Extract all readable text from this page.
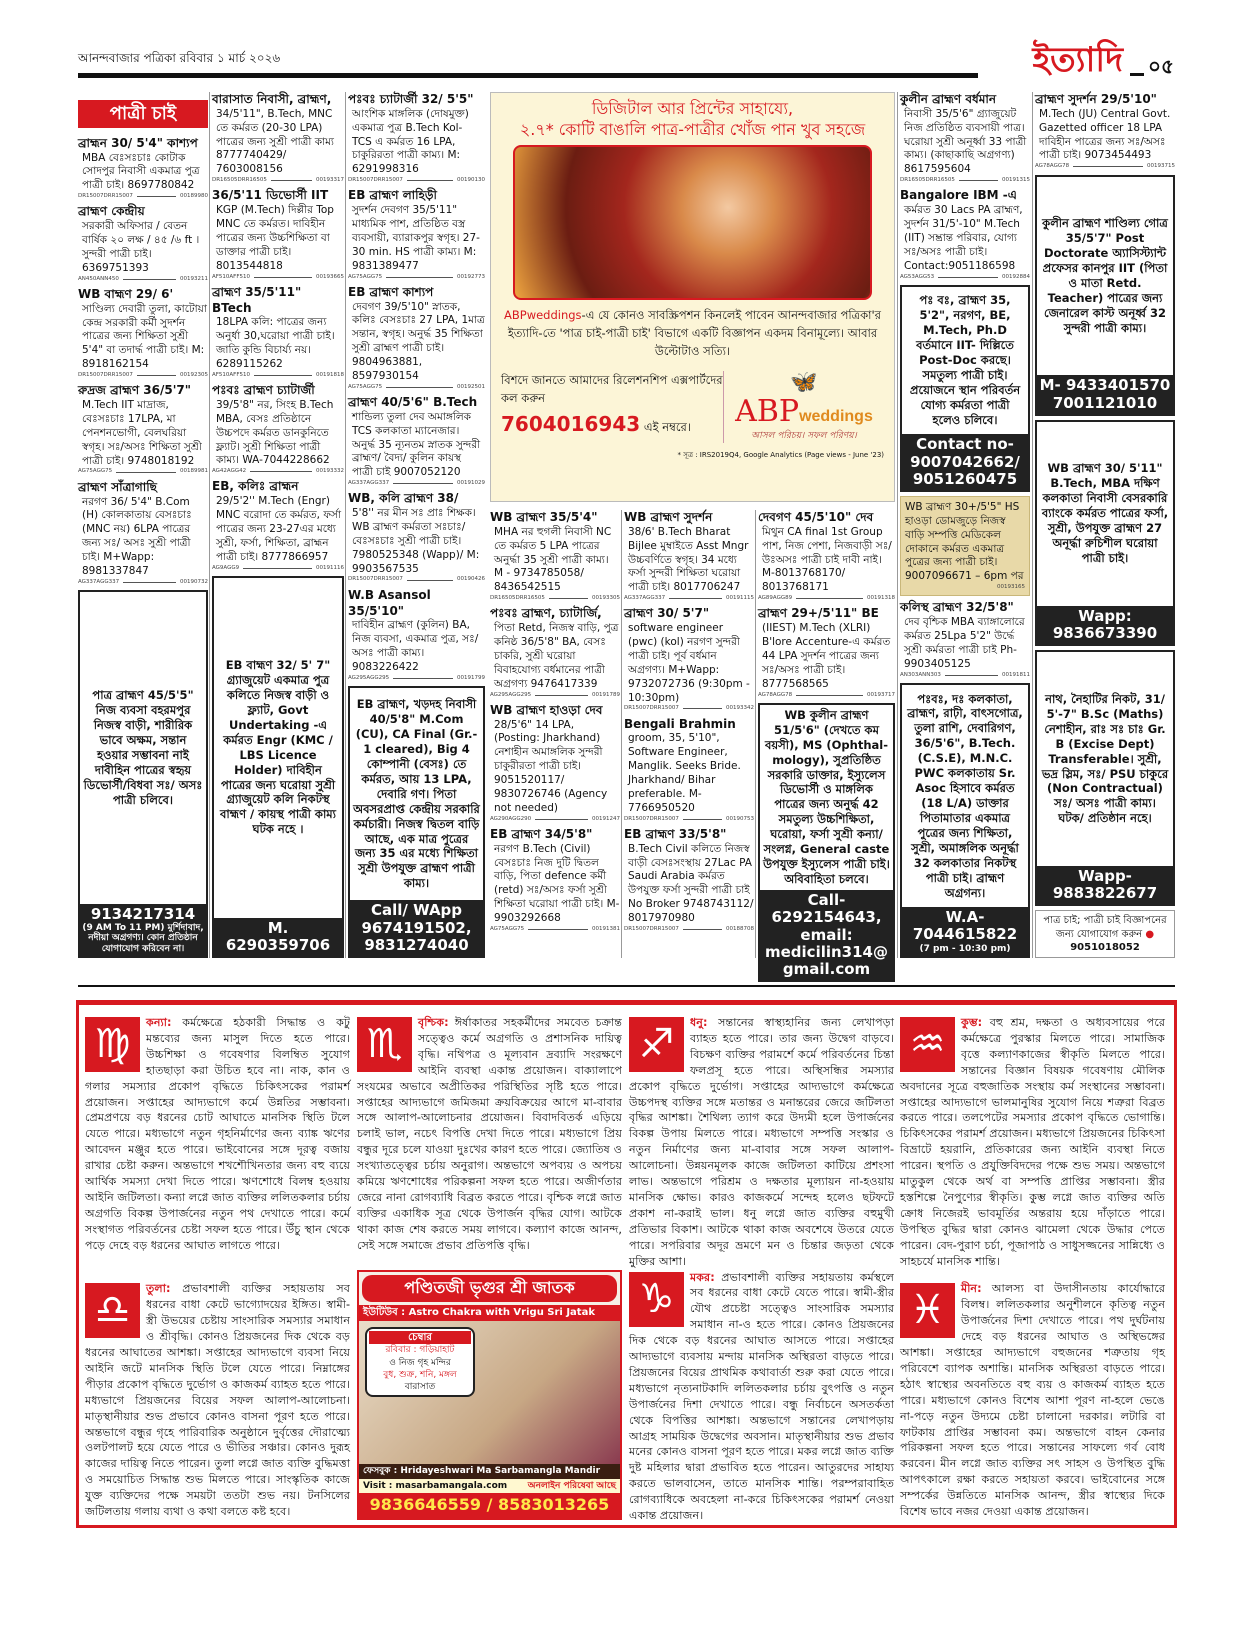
আনন্দবাজার পত্রিকা রবিবার ১ মার্চ ২০২৬	ইত্যাদি ০৫
পাত্রী চাই
ব্রাহ্মন 30/ 5'4" কাশ্যপ
MBA বেঃসঃচাঃ কোটাক সোদপুর নিবাসী একমাত্র পুত্র পাত্রী চাই। 8697780842
DR15007DRR15007	00189980
ব্রাহ্মণ কেন্দ্রীয়
সরকারী অফিসার / বেতন বার্ষিক ২০ লক্ষ / ৪৫ /৬ ft । সুন্দরী পাত্রী চাই। 6369751393
AN450ANN450	00193211
WB বাহ্মণ 29/ 6'
সাণ্ডিল্য দেবারী তুলা, কাটোয়া কেন্দ্র সরকারী কর্মী সুদর্শন পাত্রের জন্য শিক্ষিতা সুশ্রী 5'4" বা তদার্দ্ধ পাত্রী চাই। M: 8918162154
DR15007DRR15007	00192305
রুদ্রজ ব্রাহ্মণ 36/5'7"
M.Tech IIT মাদ্রাজ, বেঃসঃচাঃ 17LPA, মা পেনশনভোগী, বেলঘরিয়া স্বগৃহ। সঃ/অসঃ শিক্ষিতা সুশ্রী পাত্রী চাই। 9748018192
AG75AGG75	00189981
ব্রাহ্মণ সাঁত্রাগাছি
নরগণ 36/ 5'4" B.Com (H) কোলকাতায় বেসঃচাঃ (MNC নয়) 6LPA পাত্রের জন্য সঃ/ অসঃ সুশ্রী পাত্রী চাই। M+Wapp: 8981337847
AG337AGG337	00190732
পাত্র ব্রাহ্মণ 45/5'5" নিজ ব্যবসা বহরমপুর নিজস্ব বাড়ী, শারীরিক ভাবে অক্ষম, সন্তান হওয়ার সম্ভাবনা নাই দাবীহিন পাত্রের স্বহৃয় ডিভোর্সী/বিধবা সঃ/ অসঃ পাত্রী চলিবে।
9134217314
(9 AM To 11 PM) মুর্শিদাবাদ, নদীয়া অগ্রগণ্য। কোন প্রতিষ্ঠান যোগাযোগ করিবেন না।
বারাসাত নিবাসী, ব্রাহ্মণ,
34/5'11", B.Tech, MNC তে কর্মরত (20-30 LPA) পাত্রের জন্য সুশ্রী পাত্রী কাম্য 8777740429/ 7603008156
DR16505DRR16505	00193317
36/5'11 ডিভোর্সী IIT
KGP (M.Tech) দিল্লীর Top MNC তে কর্মরত। দাবিহীন পাত্রের জন্য উচ্চশিক্ষিতা বা ডাক্তার পাত্রী চাই। 8013544818
AF510AFF510	00193665
ব্রাহ্মণ 35/5'11" BTech
18LPA কলি: পাত্রের জন্য অনুর্ধা 30,ঘরোয়া পাত্রী চাই। জাতি কুন্ডি বিচার্য্য নয়। 6289115262
AF510AFF510	00191818
পঃবঃ ব্রাহ্মণ চ্যাটার্জী
39/5'8" নর, সিংহ B.Tech MBA, বেসঃ প্রতিষ্ঠানে উচ্চপদে কর্মরত ডানকুনিতে ফ্ল্যাট। সুশ্রী শিক্ষিতা পাত্রী কাম্য। WA-7044228662
AG42AGG42	00193332
EB, কলিঃ ব্রাহ্মন
29/5'2'' M.Tech (Engr) MNC বরোদা তে কর্মরত, ফর্সা পাত্রের জন্য 23-27এর মধ্যে সুশ্রী, ফর্সা, শিক্ষিতা, ব্রাহ্মন পাত্রী চাই। 8777866957
AG9AGG9	00191116
EB বাহ্মণ 32/ 5' 7" গ্র্যাজুয়েট একমাত্র পুত্র কলিতে নিজস্ব বাড়ী ও ফ্ল্যাট, Govt Undertaking -এ কর্মরত Engr (KMC / LBS Licence Holder) দাবিহীন পাত্রের জন্য ঘরোয়া সুশ্রী গ্র্যাজুয়েট কলি নিকটস্থ বাহ্মণ / কায়স্থ পাত্রী কাম্য ঘটক নহে ।
M. 6290359706
পঃবঃ চ্যাটার্জী 32/ 5'5"
আংশিক মাঙ্গলিক (দোষমুক্ত) একমাত্র পুত্র B.Tech Kol- TCS এ কর্মরত 16 LPA, চাকুরিরতা পাত্রী কাম্য। M: 6291998316
DR15007DRR15007	00190130
EB ব্রাহ্মণ লাহিড়ী
সুদর্শন দেবগণ 35/5'11" মাধ্যমিক পাশ, প্রতিষ্ঠিত বস্ত্র ব্যবসায়ী, ব্যারাকপুর স্বগৃহ। 27-30 min. HS পাত্রী কাম্য। M: 9831389477
AG75AGG75	00192773
EB ব্রাহ্মণ কাশ্যপ
দেবগণ 39/5'10" স্নাতক, কলিঃ বেসঃচাঃ 27 LPA, 1মাত্র সন্তান, স্বগৃহ। অনুর্দ্ধ 35 শিক্ষিতা সুশ্রী ব্রাহ্মণ পাত্রী চাই। 9804963881, 8597930154
AG75AGG75	00192501
ব্রাহ্মণ 40/5'6" B.Tech
শান্ডিল্য তুলা দেব অমাঙ্গলিক TCS কলকাতা ম্যানেজার। অনুর্দ্ধ 35 ন্যূনতম স্নাতক সুন্দরী ব্রাহ্মণ/ বৈদ্য/ কুলিন কায়স্থ পাত্রী চাই 9007052120
AG337AGG337	00191029
WB, কলি ব্রাহ্মণ 38/
5'8'' নর মীন সঃ প্রাঃ শিক্ষক। WB ব্রাহ্মণ কর্মরতা সঃচাঃ/ বেঃসঃচাঃ সুশ্রী পাত্রী চাই। 7980525348 (Wapp)/ M: 9903567535
DR15007DRR15007	00190426
W.B Asansol 35/5'10"
দাবিহীন ব্রাহ্মণ (কুলিন) BA, নিজ ব্যবসা, একমাত্র পুত্র, সঃ/অসঃ পাত্রী কাম্য। 9083226422
AG295AGG295	00191799
EB ব্রাহ্মণ, খড়দহ নিবাসী 40/5'8" M.Com (CU), CA Final (Gr.- 1 cleared), Big 4 কোম্পানী (বেসঃ) তে কর্মরত, আয় 13 LPA, দেবারি গণ। পিতা অবসরপ্রাপ্ত কেন্দ্রীয় সরকারি কর্মচারী। নিজস্ব দ্বিতল বাড়ি আছে, এক মাত্র পুত্রের জন্য 35 এর মধ্যে শিক্ষিতা সুশ্রী উপযুক্ত ব্রাহ্মণ পাত্রী কাম্য।
Call/ WApp 9674191502, 9831274040
ডিজিটাল আর প্রিন্টের সাহায্যে,
২.৭* কোটি বাঙালি পাত্র-পাত্রীর খোঁজ পান খুব সহজে
ABPweddings-এ যে কোনও সাবস্ক্রিপশন কিনলেই পাবেন আনন্দবাজার পত্রিকা'র ইত্যাদি-তে 'পাত্র চাই-পাত্রী চাই' বিভাগে একটি বিজ্ঞাপন একদম বিনামূল্যে। আবার উল্টোটাও সত্যি।
বিশদে জানতে আমাদের রিলেশনশিপ এক্সপার্টদের কল করুন
7604016943 এই নম্বরে।
🦋
ABPweddings
আসল পরিচয়। সফল পরিণয়।
* সূত্র : IRS2019Q4, Google Analytics (Page views - June '23)
WB ব্রাহ্মণ 35/5'4"
MHA নর হুগলী নিবাসী NC তে কর্মরত 5 LPA পাত্রের অনুর্দ্ধা 35 সুশ্রী পাত্রী কাম্য। M - 9734785058/ 8436542515
DR16505DRR16505	00193305
পঃবঃ ব্রাহ্মণ, চ্যাটার্জি,
পিতা Retd, নিজস্ব বাড়ি, পুত্র কনিষ্ঠ 36/5'8" BA, বেসঃ চাকরি, সুশ্রী ঘরোয়া বিবাহযোগ্য বর্ধমানের পাত্রী অগ্রগণ্য 9476417339
AG295AGG295	00191789
WB ব্রাহ্মণ হাওড়া দেব
28/5'6" 14 LPA, (Posting: Jharkhand) নেশাহীন অমাঙ্গলিক সুন্দরী চাকুরীরতা পাত্রী চাই। 9051520117/ 9830726746 (Agency not needed)
AG290AGG290	00191247
EB ব্রাহ্মণ 34/5'8"
নরগণ B.Tech (Civil) বেসঃচাঃ নিজ দুটি দ্বিতল বাড়ি, পিতা defence কর্মী (retd) সঃ/অসঃ ফর্সা সুশ্রী শিক্ষিতা ঘরোয়া পাত্রী চাই। M- 9903292668
AG75AGG75	00191381
WB ব্রাহ্মণ সুদর্শন
38/6' B.Tech Bharat Bijlee মুম্বাইতে Asst Mngr উচ্চবর্ণিতে স্বগৃহ। 34 মধ্যে ফর্সা সুন্দরী শিক্ষিতা ঘরোয়া পাত্রী চাই। 8017706247
AG337AGG337	00191115
ব্রাহ্মণ 30/ 5'7"
software engineer (pwc) (kol) নরগণ সুন্দরী পাত্রী চাই। পূর্ব বর্ধমান অগ্রগণ্য। M+Wapp: 9732072736 (9:30pm - 10:30pm)
DR15007DRR15007	00193342
Bengali Brahmin
groom, 35, 5'10", Software Engineer, Manglik. Seeks Bride. Jharkhand/ Bihar preferable. M-7766950520
DR15007DRR15007	00190753
EB ব্রাহ্মণ 33/5'8"
B.Tech Civil কলিতে নিজস্ব বাড়ী বেসঃসংস্থায় 27Lac PA Saudi Arabia কর্মরত উপযুক্ত ফর্সা সুন্দরী পাত্রী চাই No Broker 9748743112/ 8017970980
DR15007DRR15007	00188708
দেবগণ 45/5'10" দেব
মিথুন CA final 1st Group পাশ, নিজ পেশা, নিজবাড়ী সঃ/উঃঅসঃ পাত্রী চাই দাবী নাই। M-8013768170/ 8013768171
AG89AGG89	00191318
ব্রাহ্মণ 29+/5'11" BE
(IIEST) M.Tech (XLRI) B'lore Accenture-এ কর্মরত 44 LPA সুদর্শন পাত্রের জন্য সঃ/অসঃ পাত্রী চাই। 8777568565
AG78AGG78	00193717
WB কুলীন ব্রাহ্মণ 51/5'6" (দেখতে কম বয়সী), MS (Ophthal-mology), সুপ্রতিষ্ঠিত সরকারি ডাক্তার, ইস্যুলেস ডিভোর্সী ও মাঙ্গলিক পাত্রের জন্য অনুর্দ্ধ 42 সমতুল্য উচ্চশিক্ষিতা, ঘরোয়া, ফর্সা সুশ্রী কন্যা/ সংলগ্ন, General caste উপযুক্ত ইস্যুলেস পাত্রী চাই। অবিবাহিতা চলবে।
Call-6292154643, email: medicilin314@ gmail.com
কুলীন ব্রাহ্মণ বর্ধমান
নিবাসী 35/5'6" গ্র্যাজুয়েট নিজ প্রতিষ্ঠিত ব্যবসায়ী পাত্র। ঘরোয়া সুশ্রী অনূর্ধ্বা 33 পাত্রী কাম্য। (কাছাকাছি অগ্রগণ্য) 8617595604
DR16505DRR16505	00191315
Bangalore IBM -এ
কর্মরত 30 Lacs PA ব্রাহ্মণ, সুদর্শন 31/5'-10" M.Tech (IIT) সম্ভ্রান্ত পরিবার, যোগ্য সঃ/অসঃ পাত্রী চাই। Contact:9051186598
AG53AGG53	00192884
পঃ বঃ, ব্রাহ্মণ 35, 5'2", নরগণ, BE, M.Tech, Ph.D বর্তমানে IIT- দিল্লিতে Post-Doc করছে। সমতুল্য পাত্রী চাই। প্রয়োজনে স্থান পরিবর্তন যোগ্য কর্মরতা পাত্রী হলেও চলিবে।
Contact no- 9007042662/ 9051260475
WB ব্রাহ্মণ 30+/5'5" HS হাওড়া ডোমজুড়ে নিজস্ব বাড়ি সম্পত্তি মেডিকেল দোকানে কর্মরত একমাত্র পুত্রের জন্য পাত্রী চাই। 9007096671 – 6pm পর
00193165
কলিস্থ ব্রাহ্মণ 32/5'8"
দেব বৃশ্চিক MBA ব্যাঙ্গালোরে কর্মরত 25Lpa 5'2" উর্দ্ধে সুশ্রী কর্মরতা পাত্রী চাই Ph-9903405125
AN303ANN303	00191811
পঃবঃ, দঃ কলকাতা, ব্রাহ্মণ, রাঢ়ী, বাৎসগোত্র, তুলা রাশি, দেবারিগণ, 36/5'6", B.Tech. (C.S.E), M.N.C. PWC কলকাতায় Sr. Asoc হিসাবে কর্মরত (18 L/A) ডাক্তার পিতামাতার একমাত্র পুত্রের জন্য শিক্ষিতা, সুশ্রী, অমাঙ্গলিক অনূর্দ্ধা 32 কলকাতার নিকটস্থ পাত্রী চাই। ব্রাহ্মণ অগ্রগন্য।
W.A-7044615822
(7 pm - 10:30 pm)
ব্রাহ্মণ সুদর্শন 29/5'10"
M.Tech (JU) Central Govt. Gazetted officer 18 LPA দাবিহীন পাত্রের জন্য সঃ/অসঃ পাত্রী চাই। 9073454493
AG78AGG78	00193715
কুলীন ব্রাহ্মণ শাণ্ডিল্য গোত্র 35/5'7" Post Doctorate অ্যাসিস্ট্যান্ট প্রফেসর কানপুর IIT (পিতা ও মাতা Retd. Teacher) পাত্রের জন্য জেনারেল কাস্ট অনূর্ধ্ব 32 সুন্দরী পাত্রী কাম্য।
M- 9433401570 7001121010
WB ব্রাহ্মণ 30/ 5'11" B.Tech, MBA দক্ষিণ কলকাতা নিবাসী বেসরকারি ব্যাংকে কর্মরত পাত্রের ফর্সা, সুশ্রী, উপযুক্ত ব্রাহ্মণ 27 অনূর্দ্ধা রুচিশীল ঘরোয়া পাত্রী চাই।
Wapp: 9836673390
নাথ, নৈহাটির নিকট, 31/ 5'-7" B.Sc (Maths) নেশাহীন, রাঃ সঃ চাঃ Gr. B (Excise Dept) Transferable। সুশ্রী, ভদ্র স্লিম, সঃ/ PSU চাকুরে (Non Contractual) সঃ/ অসঃ পাত্রী কাম্য। ঘটক/ প্রতিষ্ঠান নহে।
Wapp- 9883822677
পাত্র চাই; পাত্রী চাই বিজ্ঞাপনের জন্য যোগাযোগ করুন ● 9051018052

♍	কন্যা: কর্মক্ষেত্রে হঠকারী সিদ্ধান্ত ও কটু মন্তব্যের জন্য মাসুল দিতে হতে পারে। উচ্চশিক্ষা ও গবেষণার বিলম্বিত সুযোগ হাতছাড়া করা উচিত হবে না। নাক, কান ও গলার সমস্যার প্রকোপ বৃদ্ধিতে চিকিৎসকের পরামর্শ প্রয়োজন। সপ্তাহের আদ্যভাগে কর্মে উন্নতির সম্ভাবনা। প্রেমপ্রণয়ে বড় ধরনের চোট আঘাতে মানসিক স্থিতি টলে যেতে পারে। মধ্যভাগে নতুন গৃহনির্মাণের জন্য ব্যাঙ্ক ঋণের আবেদন মঞ্জুর হতে পারে। ভাইবোনের সঙ্গে দূরত্ব বজায় রাখার চেষ্টা করুন। অন্তভাগে শখশৌখিনতার জন্য বহু ব্যয়ে আর্থিক সমস্যা দেখা দিতে পারে। ঋণশোধে বিলম্ব হওয়ায় আইনি জটিলতা। কন্যা লগ্নে জাত ব্যক্তির ললিতকলার চর্চায় অগ্রগতি বিকল্প উপার্জনের নতুন পথ দেখাতে পারে। কর্মে সংস্থাগত পরিবর্তনের চেষ্টা সফল হতে পারে। উঁচু স্থান থেকে পড়ে দেহে বড় ধরনের আঘাত লাগতে পারে।

♎	তুলা: প্রভাবশালী ব্যক্তির সহায়তায় সব ধরনের বাধা কেটে ভাগ্যোদয়ের ইঙ্গিত। স্বামী-স্ত্রী উভয়ের চেষ্টায় সাংসারিক সমস্যার সমাধান ও শ্রীবৃদ্ধি। কোনও প্রিয়জনের দিক থেকে বড় ধরনের আঘাতের আশঙ্কা। সপ্তাহের আদ্যভাগে ব্যবসা নিয়ে আইনি জটে মানসিক স্থিতি টলে যেতে পারে। নিম্নাঙ্গের পীড়ার প্রকোপ বৃদ্ধিতে দুর্ভোগ ও কাজকর্ম ব্যাহত হতে পারে। মধ্যভাগে প্রিয়জনের বিয়ের সফল আলাপ-আলোচনা। মাতৃস্থানীয়ার শুভ প্রভাবে কোনও বাসনা পূরণ হতে পারে। অন্তভাগে বন্ধুর গৃহে পারিবারিক অনুষ্ঠানে দুর্বৃত্তের দৌরাত্ম্যে ওলটপালট হয়ে যেতে পারে ও ভীতির সঞ্চার। কোনও দুরূহ কাজের দায়িত্ব নিতে পারেন। তুলা লগ্নে জাত ব্যক্তি বুদ্ধিমত্তা ও সময়োচিত সিদ্ধান্ত শুভ মিলতে পারে। সাংস্কৃতিক কাজে যুক্ত ব্যক্তিদের পক্ষে সময়টা ততটা শুভ নয়। টনসিলের জটিলতায় গলায় ব্যথা ও কথা বলতে কষ্ট হবে।

♏	বৃশ্চিক: ঈর্ষাকাতর সহকর্মীদের সমবেত চক্রান্ত সত্ত্বেও কর্মে অগ্রগতি ও প্রশাসনিক দায়িত্ব বৃদ্ধি। নথিপত্র ও মূল্যবান দ্রব্যাদি সংরক্ষণে আইনি ব্যবস্থা একান্ত প্রয়োজন। বাক্যালাপে সংযমের অভাবে অপ্রীতিকর পরিস্থিতির সৃষ্টি হতে পারে। সপ্তাহের আদ্যভাগে জমিজমা ক্রয়বিক্রয়ের আগে মা-বাবার সঙ্গে আলাপ-আলোচনার প্রয়োজন। বিবাদবিতর্ক এড়িয়ে চলাই ভাল, নচেৎ বিপত্তি দেখা দিতে পারে। মধ্যভাগে প্রিয় বন্ধুর দূরে চলে যাওয়া দুঃখের কারণ হতে পারে। জ্যোতিষ ও সংখ্যাতত্ত্বের চর্চায় অনুরাগ। অন্তভাগে অপব্যয় ও অপচয় কমিয়ে ঋণশোধের পরিকল্পনা সফল হতে পারে। অজীর্ণতার জেরে নানা রোগব্যাধি বিব্রত করতে পারে। বৃশ্চিক লগ্নে জাত ব্যক্তির একাধিক সূত্র থেকে উপার্জন বৃদ্ধির যোগ। আটকে থাকা কাজ শেষ করতে সময় লাগবে। কল্যাণ কাজে আনন্দ, সেই সঙ্গে সমাজে প্রভাব প্রতিপত্তি বৃদ্ধি।

পণ্ডিতজী ভৃগুর শ্রী জাতক
ইউটিউব : Astro Chakra with Vrigu Sri Jatak
চেম্বার
রবিবার : গড়িয়াহাট
ও নিজ গৃহ মন্দির
বুধ, শুক্র, শনি, মঙ্গল
বারাসাত
ফেসবুক : Hridayeshwari Ma Sarbamangla Mandir
Visit : masarbamangala.com অনলাইন পরিষেবা আছে
9836646559 / 8583013265

♐	ধনু: সন্তানের স্বাস্থ্যহানির জন্য লেখাপড়া ব্যাহত হতে পারে। তার জন্য উদ্বেগ বাড়বে। বিচক্ষণ ব্যক্তির পরামর্শে কর্মে পরিবর্তনের চিন্তা ফলপ্রসূ হতে পারে। অস্থিসন্ধির সমস্যার প্রকোপ বৃদ্ধিতে দুর্ভোগ। সপ্তাহের আদ্যভাগে কর্মক্ষেত্রে উচ্চপদস্থ ব্যক্তির সঙ্গে মতান্তর ও মনান্তরের জেরে জটিলতা বৃদ্ধির আশঙ্কা। শৈথিল্য ত্যাগ করে উদ্যমী হলে উপার্জনের বিকল্প উপায় মিলতে পারে। মধ্যভাগে সম্পত্তি সংস্কার ও নতুন নির্মাণের জন্য মা-বাবার সঙ্গে সফল আলাপ-আলোচনা। উন্নয়নমূলক কাজে জটিলতা কাটিয়ে প্রশংসা লাভ। অন্তভাগে পরিশ্রম ও দক্ষতার মূল্যায়ন না-হওয়ায় মানসিক ক্ষোভ। কারও কাজকর্মে সন্দেহ হলেও ছটফটে প্রকাশ না-করাই ভাল। ধনু লগ্নে জাত ব্যক্তির বহুমুখী প্রতিভার বিকাশ। আটকে থাকা কাজ অবশেষে উতরে যেতে পারে। সপরিবার অদূর ভ্রমণে মন ও চিন্তার জড়তা থেকে মুক্তির আশা।

♑	মকর: প্রভাবশালী ব্যক্তির সহায়তায় কর্মস্থলে সব ধরনের বাধা কেটে যেতে পারে। স্বামী-স্ত্রীর যৌথ প্রচেষ্টা সত্ত্বেও সাংসারিক সমস্যার সমাধান না-ও হতে পারে। কোনও প্রিয়জনের দিক থেকে বড় ধরনের আঘাত আসতে পারে। সপ্তাহের আদ্যভাগে ব্যবসায় মন্দায় মানসিক অস্থিরতা বাড়তে পারে। প্রিয়জনের বিয়ের প্রাথমিক কথাবার্তা শুরু করা যেতে পারে। মধ্যভাগে নৃত্যনাটকাদি ললিতকলার চর্চায় বুৎপত্তি ও নতুন উপার্জনের দিশা দেখাতে পারে। বন্ধু নির্বাচনে অসতর্কতা থেকে বিপত্তির আশঙ্কা। অন্তভাগে সন্তানের লেখাপড়ায় আগ্রহ সাময়িক উদ্বেগের অবসান। মাতৃস্থানীয়ার শুভ প্রভাব মনের কোনও বাসনা পূরণ হতে পারে। মকর লগ্নে জাত ব্যক্তি দুষ্ট মহিলার দ্বারা প্রভাবিত হতে পারেন। আতুরদের সাহায্য করতে ভালবাসেন, তাতে মানসিক শান্তি। পরম্পরাবাহিত রোগব্যাধিকে অবহেলা না-করে চিকিৎসকের পরামর্শ নেওয়া একান্ত প্রয়োজন।

♒	কুম্ভ: বহু শ্রম, দক্ষতা ও অধ্যবসায়ের পরে কর্মক্ষেত্রে পুরস্কার মিলতে পারে। সামাজিক বৃত্তে কল্যাণকাজের স্বীকৃতি মিলতে পারে। সন্তানের বিজ্ঞান বিষয়ক গবেষণায় মৌলিক অবদানের সূত্রে বহুজাতিক সংস্থায় কর্ম সংস্থানের সম্ভাবনা। সপ্তাহের আদ্যভাগে ভালমানুষির সুযোগ নিয়ে শত্রুরা বিব্রত করতে পারে। তলপেটের সমস্যার প্রকোপ বৃদ্ধিতে ভোগান্তি। চিকিৎসকের পরামর্শ প্রয়োজন। মধ্যভাগে প্রিয়জনের চিকিৎসা বিভ্রাটে হয়রানি, প্রতিকারের জন্য আইনি ব্যবস্থা নিতে পারেন। স্থপতি ও প্রযুক্তিবিদদের পক্ষে শুভ সময়। অন্তভাগে মাতুকুল থেকে অর্থ বা সম্পত্তি প্রাপ্তির সম্ভাবনা। স্ত্রীর হস্তশিল্পে নৈপুণ্যের স্বীকৃতি। কুম্ভ লগ্নে জাত ব্যক্তির অতি ক্রোধ নিজেরই ভাবমূর্তির অন্তরায় হয়ে দাঁড়াতে পারে। উপস্থিত বুদ্ধির দ্বারা কোনও ঝামেলা থেকে উদ্ধার পেতে পারেন। বেদ-পুরাণ চর্চা, পূজাপাঠ ও সাধুসজ্জনের সান্নিধ্যে ও সাহচর্যে মানসিক শান্তি।

♓	মীন: আলস্য বা উদাসীনতায় কার্যোদ্ধারে বিলম্ব। ললিতকলার অনুশীলনে কৃতিত্ব নতুন উপার্জনের দিশা দেখাতে পারে। পথ দুর্ঘটনায় দেহে বড় ধরনের আঘাত ও অস্থিভঙ্গের আশঙ্কা। সপ্তাহের আদ্যভাগে বহুজনের শত্রুতায় গৃহ পরিবেশে ব্যাপক অশান্তি। মানসিক অস্থিরতা বাড়তে পারে। হঠাৎ স্বাস্থ্যের অবনতিতে বহু ব্যয় ও কাজকর্ম ব্যাহত হতে পারে। মধ্যভাগে কোনও বিশেষ আশা পূরণ না-হলে ভেঙে না-পড়ে নতুন উদ্যমে চেষ্টা চালানো দরকার। লটারি বা ফাটকায় প্রাপ্তির সম্ভাবনা কম। অন্তভাগে বাহন কেনার পরিকল্পনা সফল হতে পারে। সন্তানের সাফল্যে গর্ব বোধ করবেন। মীন লগ্নে জাত ব্যক্তির সৎ সাহস ও উপস্থিত বুদ্ধি আপৎকালে রক্ষা করতে সহায়তা করবে। ভাইবোনের সঙ্গে সম্পর্কের উন্নতিতে মানসিক আনন্দ, স্ত্রীর স্বাস্থ্যের দিকে বিশেষ ভাবে নজর দেওয়া একান্ত প্রয়োজন।
